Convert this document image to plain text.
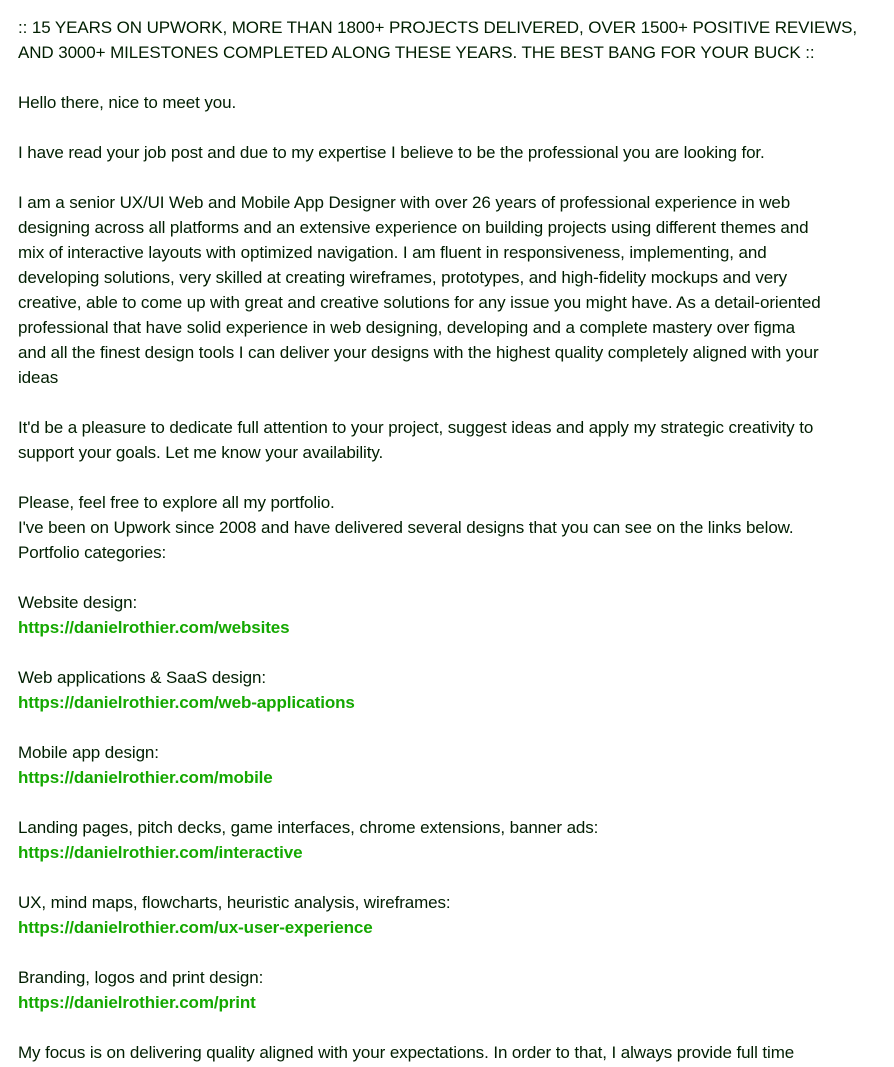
:: 15 YEARS ON UPWORK, MORE THAN 1800+ PROJECTS DELIVERED, OVER 1500+ POSITIVE REVIEWS,
AND 3000+ MILESTONES COMPLETED ALONG THESE YEARS. THE BEST BANG FOR YOUR BUCK ::
Hello there, nice to meet you.
I have read your job post and due to my expertise I believe to be the professional you are looking for.
I am a senior UX/UI Web and Mobile App Designer with over 26 years of professional experience in web
designing across all platforms and an extensive experience on building projects using different themes and
mix of interactive layouts with optimized navigation. I am fluent in responsiveness, implementing, and
developing solutions, very skilled at creating wireframes, prototypes, and high-fidelity mockups and very
creative, able to come up with great and creative solutions for any issue you might have. As a detail-oriented
professional that have solid experience in web designing, developing and a complete mastery over figma
and all the finest design tools I can deliver your designs with the highest quality completely aligned with your
ideas
It'd be a pleasure to dedicate full attention to your project, suggest ideas and apply my strategic creativity to
support your goals. Let me know your availability.
Please, feel free to explore all my portfolio.
I've been on Upwork since 2008 and have delivered several designs that you can see on the links below.
Portfolio categories:
Website design:
https://danielrothier.com/websites
Web applications & SaaS design:
https://danielrothier.com/web-applications
Mobile app design:
https://danielrothier.com/mobile
Landing pages, pitch decks, game interfaces, chrome extensions, banner ads:
https://danielrothier.com/interactive
UX, mind maps, flowcharts, heuristic analysis, wireframes:
https://danielrothier.com/ux-user-experience
Branding, logos and print design:
https://danielrothier.com/print
My focus is on delivering quality aligned with your expectations. In order to that, I always provide full time
